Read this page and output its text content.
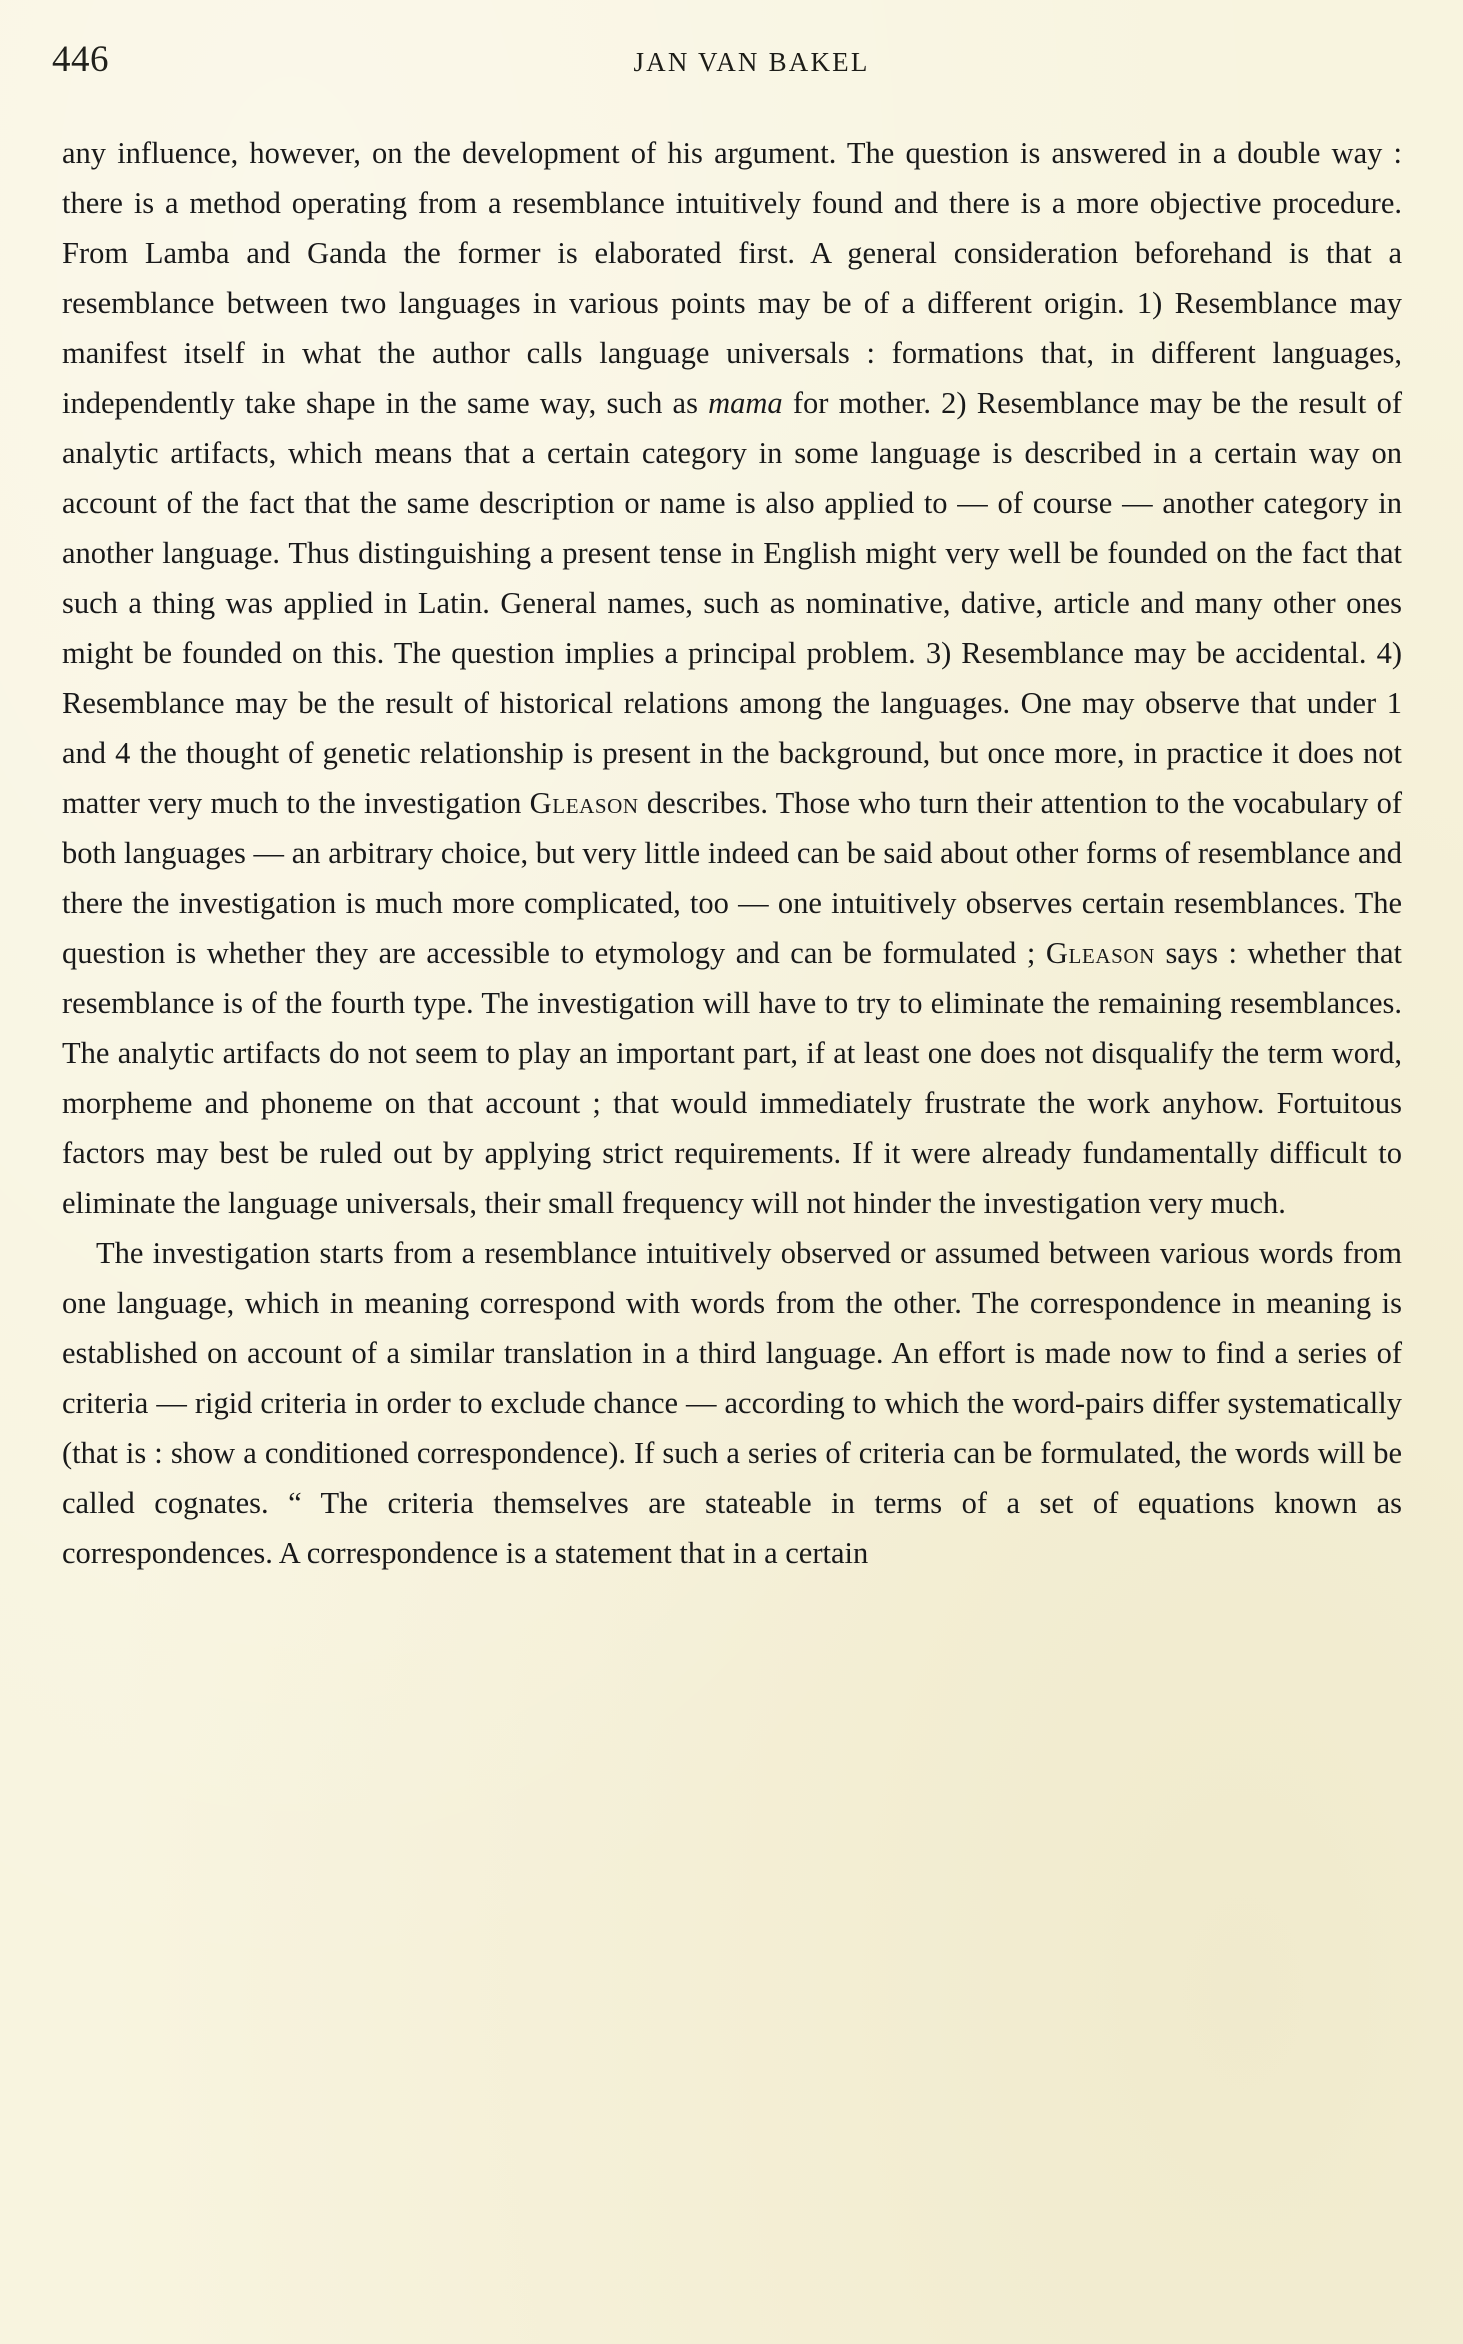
446	JAN VAN BAKEL

any influence, however, on the development of his argument. The question is answered in a double way : there is a method operating from a resemblance intuitively found and there is a more objective procedure. From Lamba and Ganda the former is elaborated first. A general consideration beforehand is that a resemblance between two languages in various points may be of a different origin. 1) Resemblance may manifest itself in what the author calls language universals : formations that, in different languages, independently take shape in the same way, such as mama for mother. 2) Resemblance may be the result of analytic artifacts, which means that a certain category in some language is described in a certain way on account of the fact that the same description or name is also applied to — of course — another category in another language. Thus distinguishing a present tense in English might very well be founded on the fact that such a thing was applied in Latin. General names, such as nominative, dative, article and many other ones might be founded on this. The question implies a principal problem. 3) Resemblance may be accidental. 4) Resemblance may be the result of historical relations among the languages. One may observe that under 1 and 4 the thought of genetic relationship is present in the background, but once more, in practice it does not matter very much to the investigation Gleason describes. Those who turn their attention to the vocabulary of both languages — an arbitrary choice, but very little indeed can be said about other forms of resemblance and there the investigation is much more complicated, too — one intuitively observes certain resemblances. The question is whether they are accessible to etymology and can be formulated ; Gleason says : whether that resemblance is of the fourth type. The investigation will have to try to eliminate the remaining resemblances. The analytic artifacts do not seem to play an important part, if at least one does not disqualify the term word, morpheme and phoneme on that account ; that would immediately frustrate the work anyhow. Fortuitous factors may best be ruled out by applying strict requirements. If it were already fundamentally difficult to eliminate the language universals, their small frequency will not hinder the investigation very much.

The investigation starts from a resemblance intuitively observed or assumed between various words from one language, which in meaning correspond with words from the other. The correspondence in meaning is established on account of a similar translation in a third language. An effort is made now to find a series of criteria — rigid criteria in order to exclude chance — according to which the word-pairs differ systematically (that is : show a conditioned correspondence). If such a series of criteria can be formulated, the words will be called cognates. “ The criteria themselves are stateable in terms of a set of equations known as correspondences. A correspondence is a statement that in a certain
